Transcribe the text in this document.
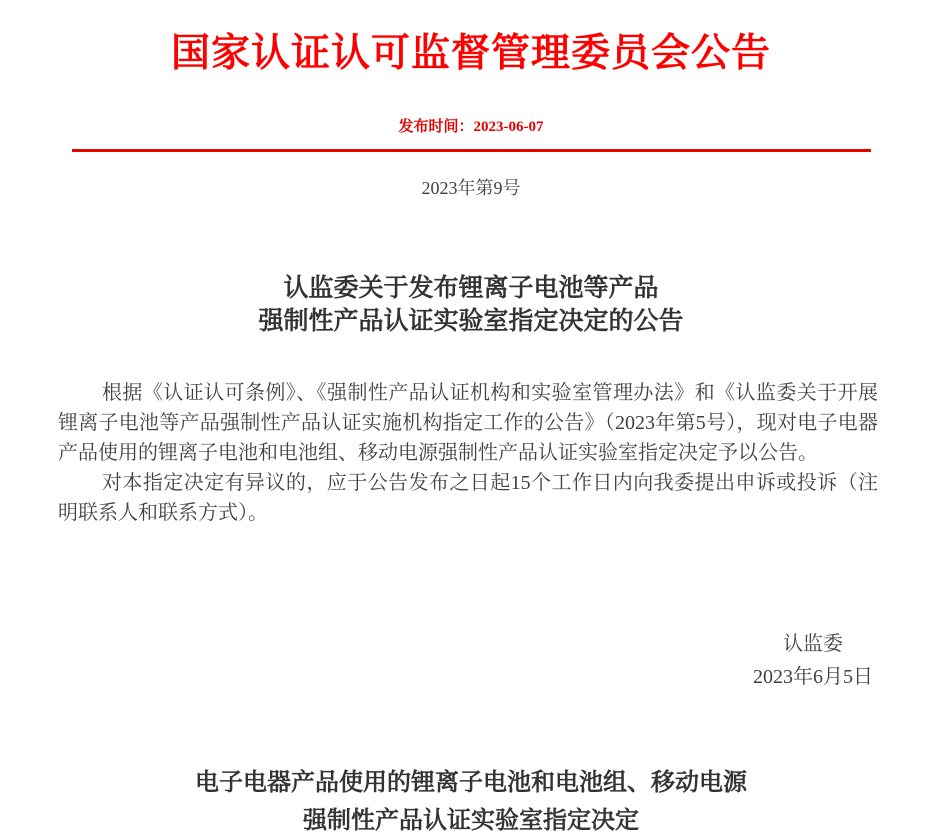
国家认证认可监督管理委员会公告
发布时间：2023-06-07
2023年第9号
认监委关于发布锂离子电池等产品
强制性产品认证实验室指定决定的公告

根据《认证认可条例》、《强制性产品认证机构和实验室管理办法》和《认监委关于开展锂离子电池等产品强制性产品认证实施机构指定工作的公告》（2023年第5号），现对电子电器产品使用的锂离子电池和电池组、移动电源强制性产品认证实验室指定决定予以公告。

对本指定决定有异议的，应于公告发布之日起15个工作日内向我委提出申诉或投诉（注明联系人和联系方式）。

认监委
2023年6月5日
电子电器产品使用的锂离子电池和电池组、移动电源
强制性产品认证实验室指定决定
